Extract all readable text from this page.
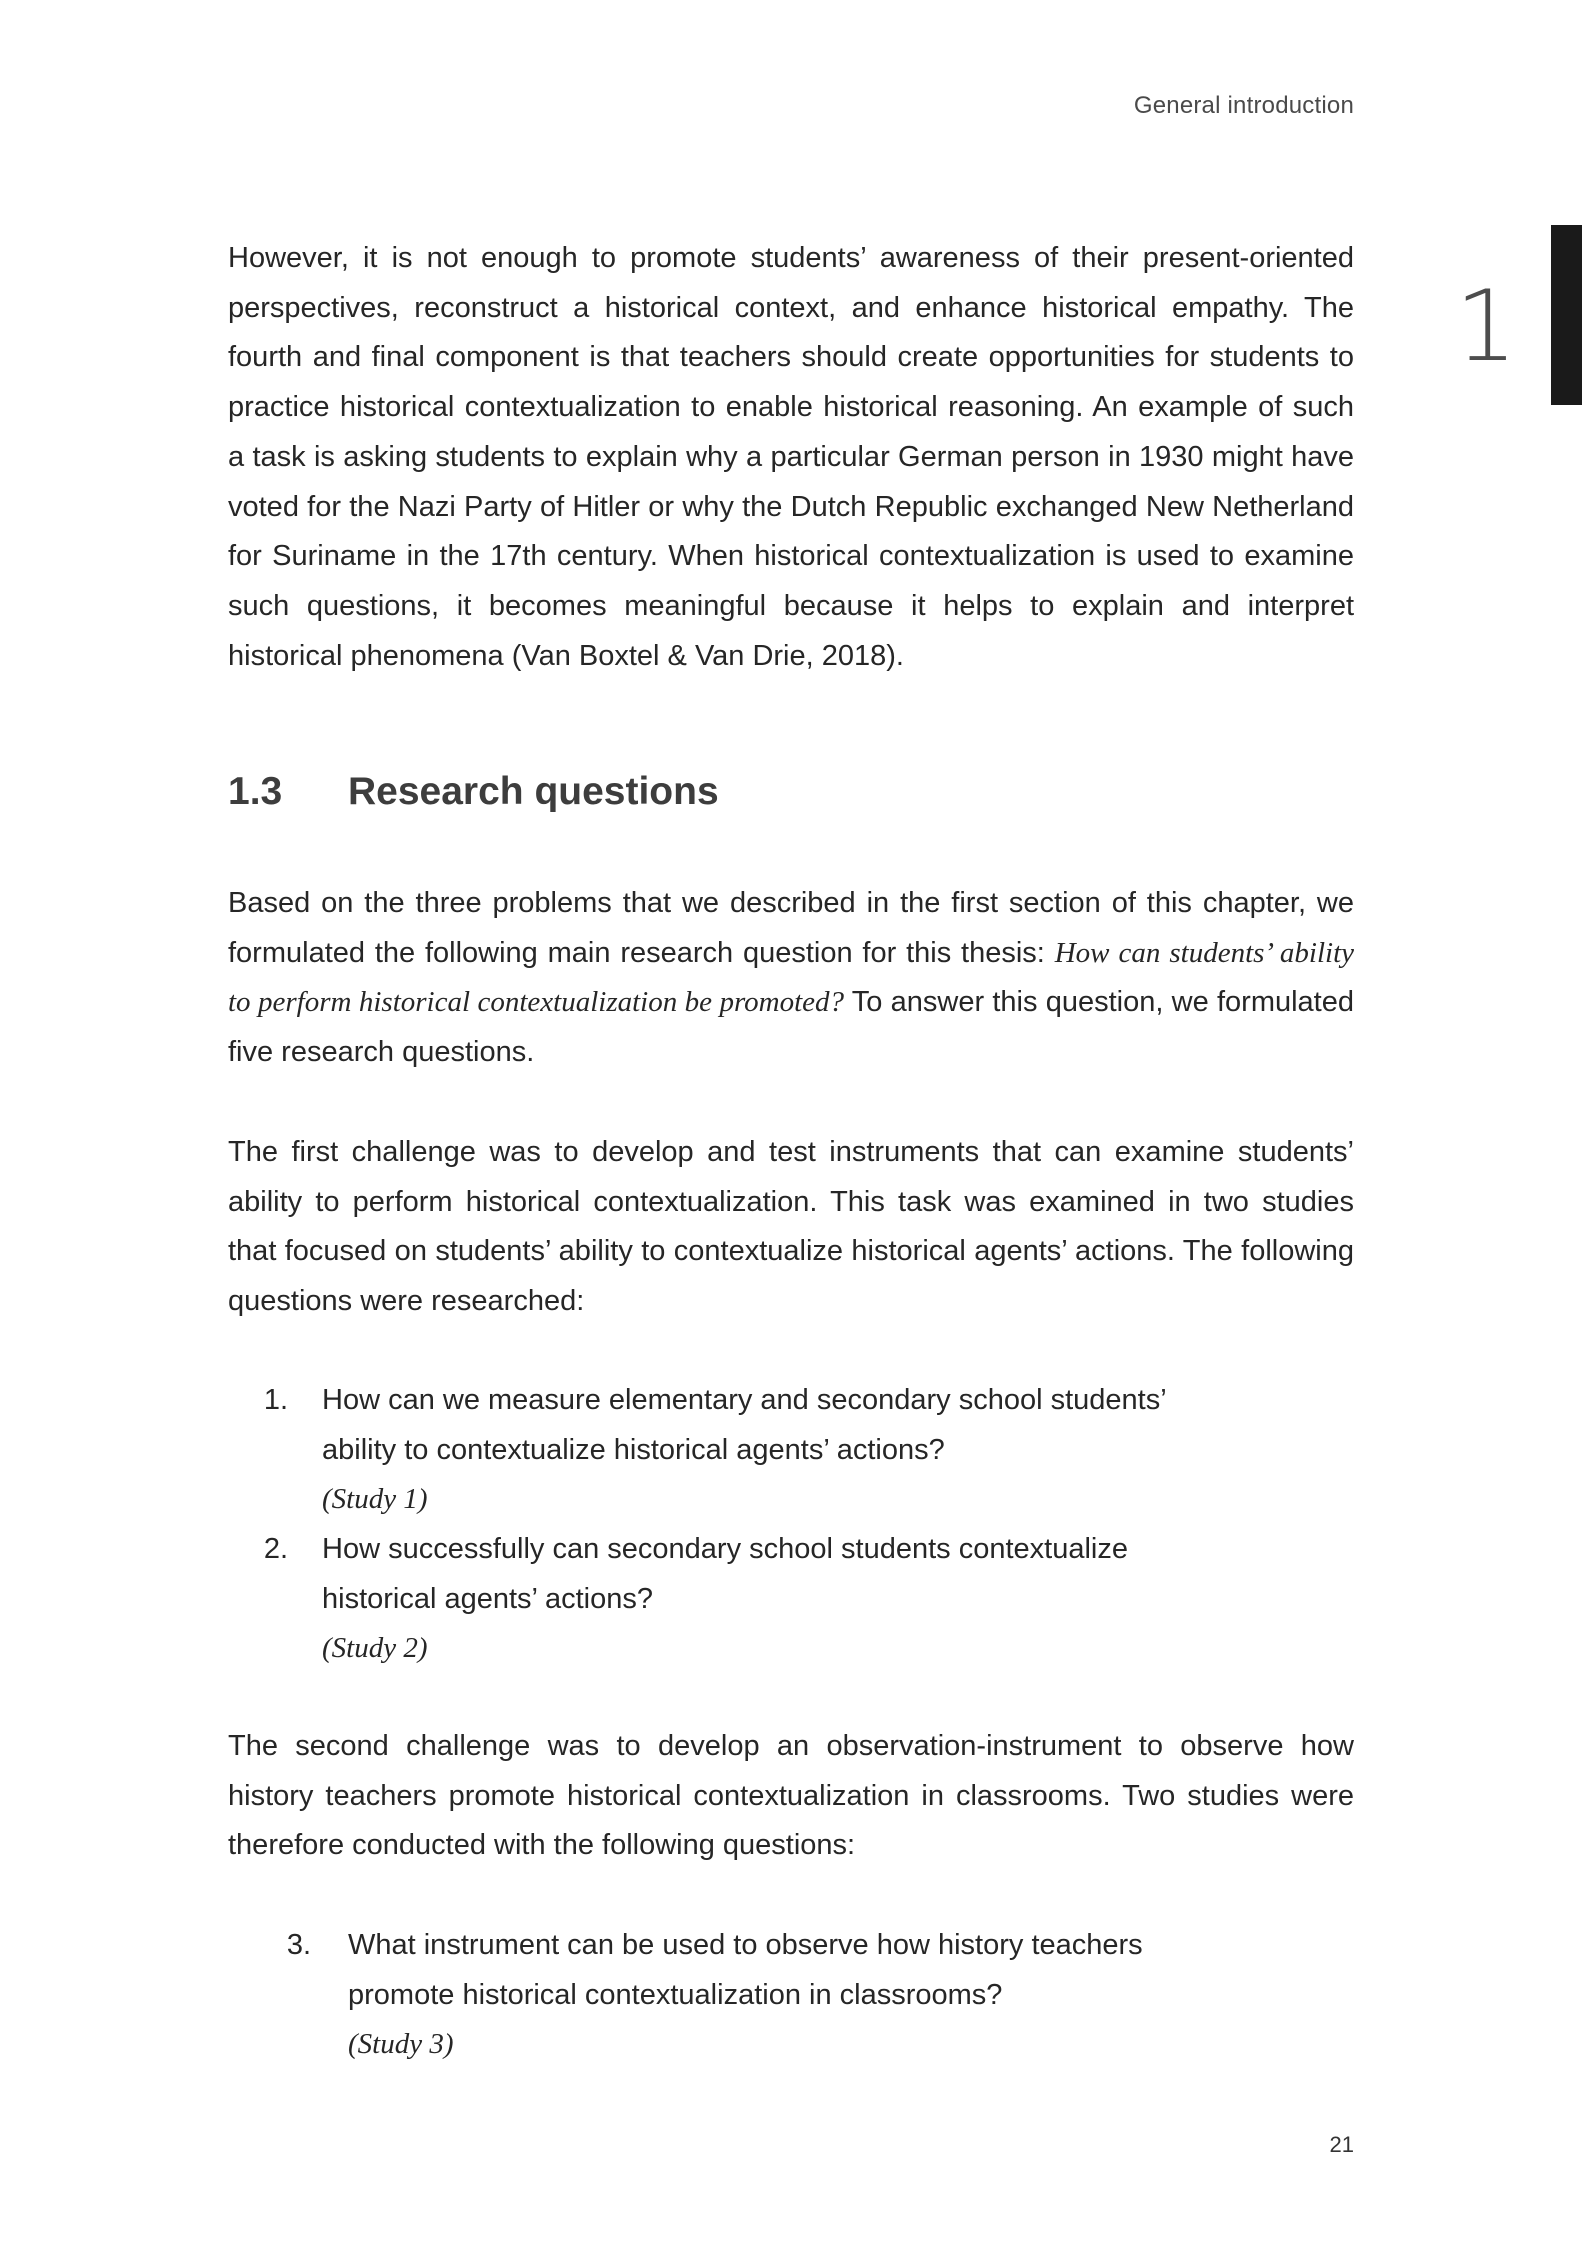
General introduction
1

However, it is not enough to promote students’ awareness of their present-oriented perspectives, reconstruct a historical context, and enhance historical empathy. The fourth and final component is that teachers should create opportunities for students to practice historical contextualization to enable historical reasoning. An example of such a task is asking students to explain why a particular German person in 1930 might have voted for the Nazi Party of Hitler or why the Dutch Republic exchanged New Netherland for Suriname in the 17th century. When historical contextualization is used to examine such questions, it becomes meaningful because it helps to explain and interpret historical phenomena (Van Boxtel & Van Drie, 2018).

1.3 Research questions

Based on the three problems that we described in the first section of this chapter, we formulated the following main research question for this thesis: How can students’ ability to perform historical contextualization be promoted? To answer this question, we formulated five research questions.

The first challenge was to develop and test instruments that can examine students’ ability to perform historical contextualization. This task was examined in two studies that focused on students’ ability to contextualize historical agents’ actions. The following questions were researched:

1. How can we measure elementary and secondary school students’
ability to contextualize historical agents’ actions?
(Study 1)
2. How successfully can secondary school students contextualize
historical agents’ actions?
(Study 2)

The second challenge was to develop an observation-instrument to observe how history teachers promote historical contextualization in classrooms. Two studies were therefore conducted with the following questions:

3. What instrument can be used to observe how history teachers
promote historical contextualization in classrooms?
(Study 3)
21
